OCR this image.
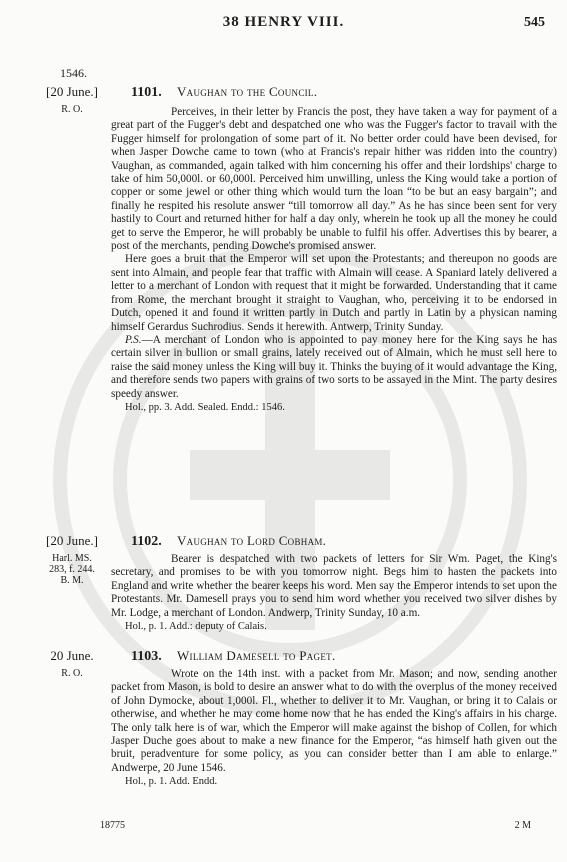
38 HENRY VIII.	545
1546.
[20 June.]
R. O.
1101. Vaughan to the Council.

Perceives, in their letter by Francis the post, they have taken a way for payment of a great part of the Fugger's debt and despatched one who was the Fugger's factor to travail with the Fugger himself for prolongation of some part of it. No better order could have been devised, for when Jasper Dowche came to town (who at Francis's repair hither was ridden into the country) Vaughan, as commanded, again talked with him concerning his offer and their lordships' charge to take of him 50,000l. or 60,000l. Perceived him unwilling, unless the King would take a portion of copper or some jewel or other thing which would turn the loan “to be but an easy bargain”; and finally he respited his resolute answer “till tomorrow all day.” As he has since been sent for very hastily to Court and returned hither for half a day only, wherein he took up all the money he could get to serve the Emperor, he will probably be unable to fulfil his offer. Advertises this by bearer, a post of the merchants, pending Dowche's promised answer.

Here goes a bruit that the Emperor will set upon the Protestants; and thereupon no goods are sent into Almain, and people fear that traffic with Almain will cease. A Spaniard lately delivered a letter to a merchant of London with request that it might be forwarded. Understanding that it came from Rome, the merchant brought it straight to Vaughan, who, perceiving it to be endorsed in Dutch, opened it and found it written partly in Dutch and partly in Latin by a physican naming himself Gerardus Suchrodius. Sends it herewith. Antwerp, Trinity Sunday.

P.S.—A merchant of London who is appointed to pay money here for the King says he has certain silver in bullion or small grains, lately received out of Almain, which he must sell here to raise the said money unless the King will buy it. Thinks the buying of it would advantage the King, and therefore sends two papers with grains of two sorts to be assayed in the Mint. The party desires speedy answer.

Hol., pp. 3. Add. Sealed. Endd.: 1546.

[20 June.]
Harl. MS.
283, f. 244.
B. M.
1102. Vaughan to Lord Cobham.

Bearer is despatched with two packets of letters for Sir Wm. Paget, the King's secretary, and promises to be with you tomorrow night. Begs him to hasten the packets into England and write whether the bearer keeps his word. Men say the Emperor intends to set upon the Protestants. Mr. Damesell prays you to send him word whether you received two silver dishes by Mr. Lodge, a merchant of London. Andwerp, Trinity Sunday, 10 a.m.

Hol., p. 1. Add.: deputy of Calais.

20 June.
R. O.
1103. William Damesell to Paget.

Wrote on the 14th inst. with a packet from Mr. Mason; and now, sending another packet from Mason, is bold to desire an answer what to do with the overplus of the money received of John Dymocke, about 1,000l. Fl., whether to deliver it to Mr. Vaughan, or bring it to Calais or otherwise, and whether he may come home now that he has ended the King's affairs in his charge. The only talk here is of war, which the Emperor will make against the bishop of Collen, for which Jasper Duche goes about to make a new finance for the Emperor, “as himself hath given out the bruit, peradventure for some policy, as you can consider better than I am able to enlarge.” Andwerpe, 20 June 1546.

Hol., p. 1. Add. Endd.

18775	2 M
